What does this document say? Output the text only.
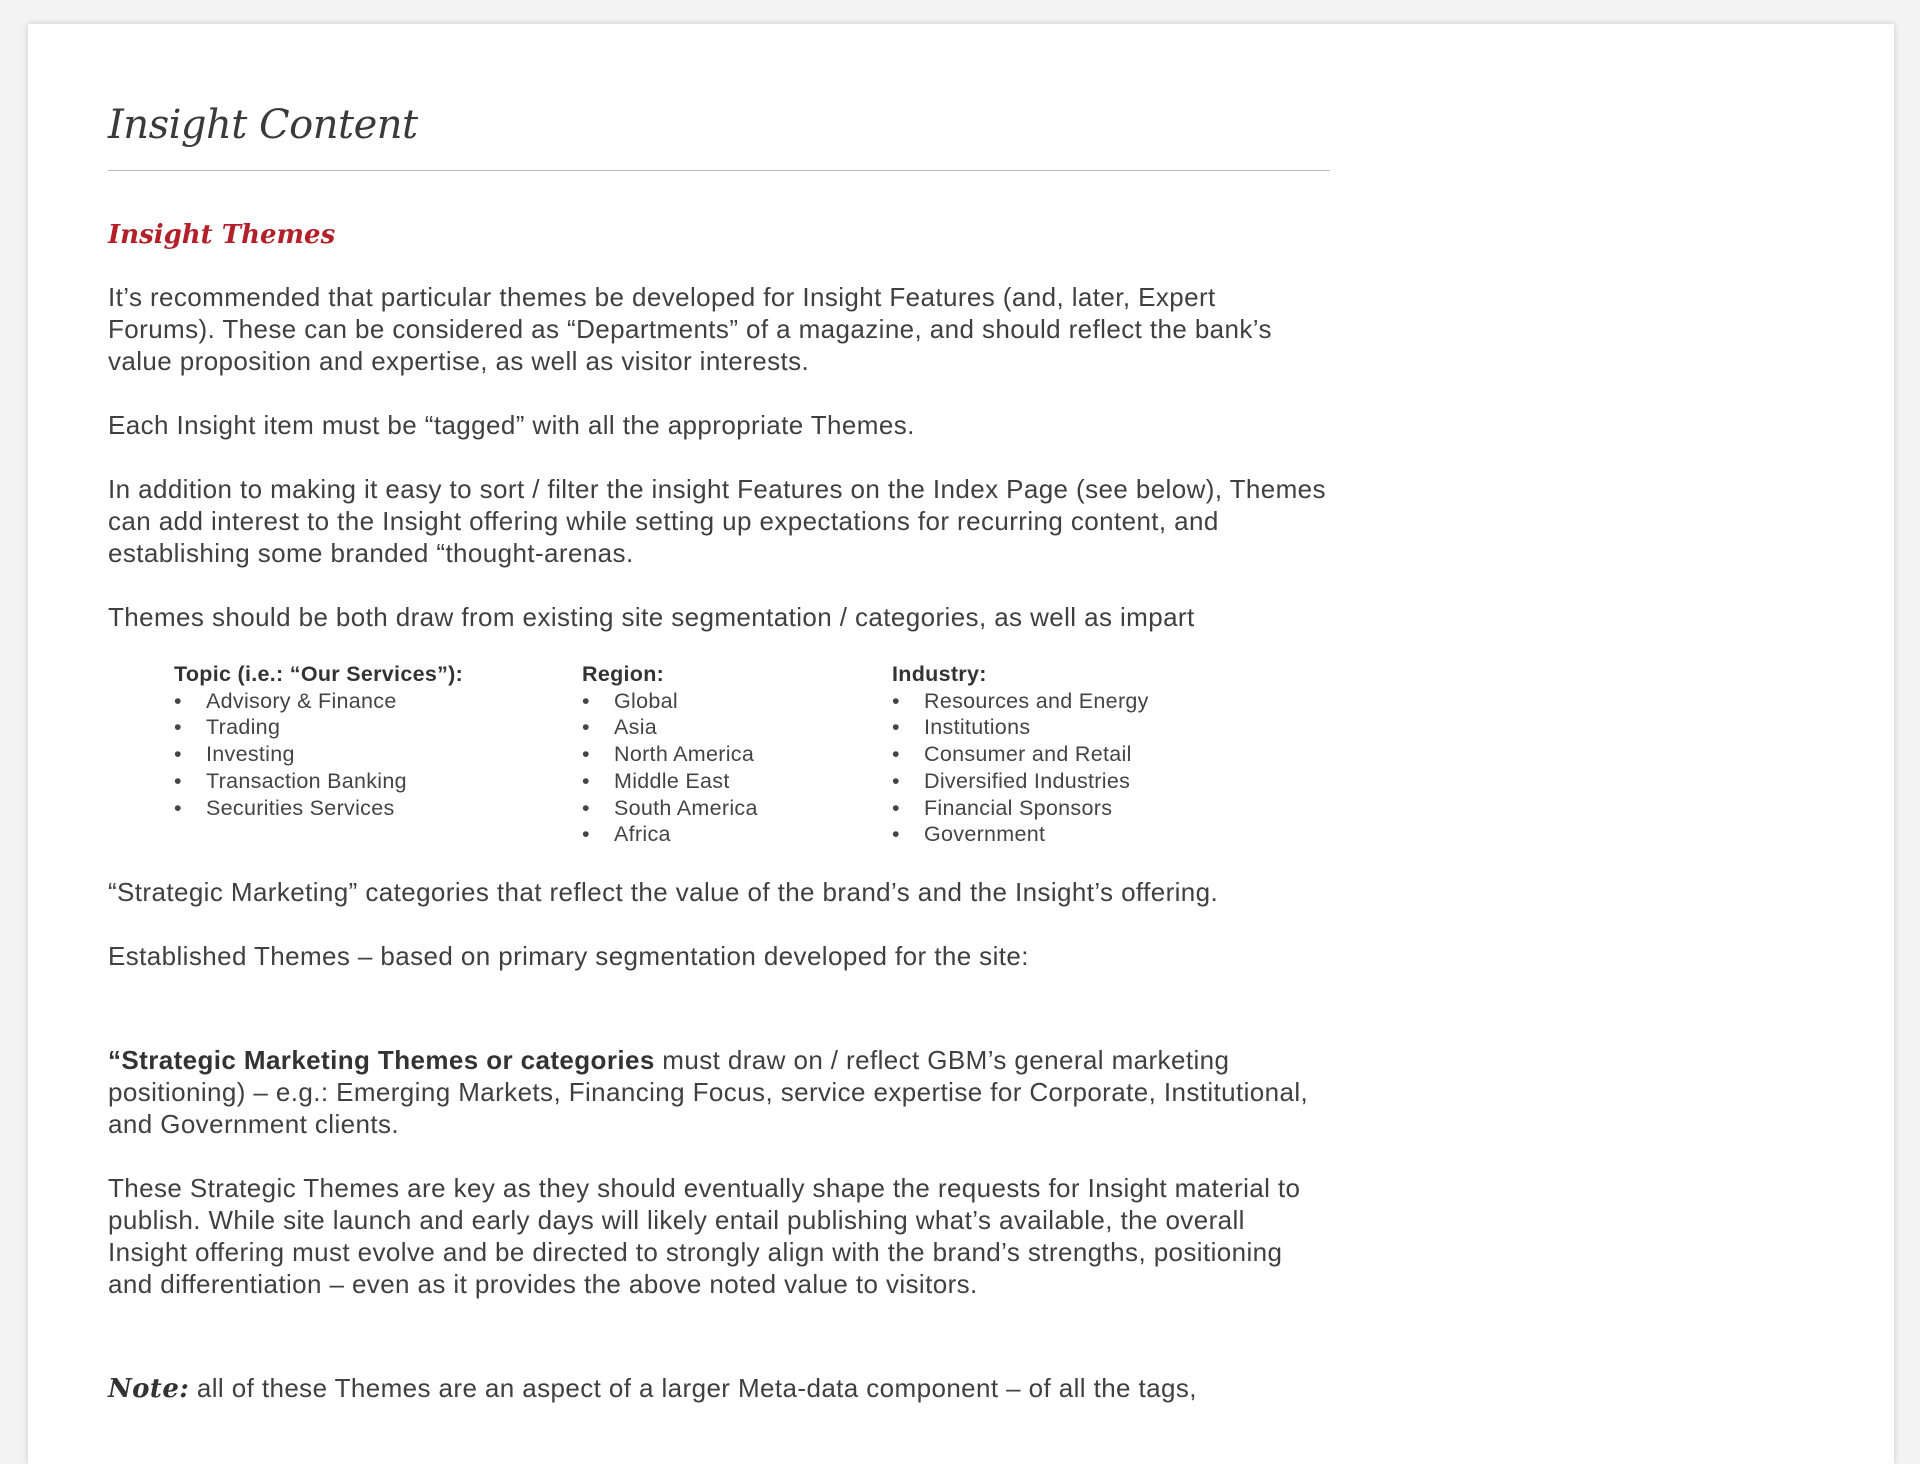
Insight Content
Insight Themes

It’s recommended that particular themes be developed for Insight Features (and, later, Expert Forums). These can be considered as “Departments” of a magazine, and should reflect the bank’s value proposition and expertise, as well as visitor interests.

Each Insight item must be “tagged” with all the appropriate Themes.

In addition to making it easy to sort / filter the insight Features on the Index Page (see below), Themes can add interest to the Insight offering while setting up expectations for recurring content, and establishing some branded “thought-arenas.

Themes should be both draw from existing site segmentation / categories, as well as impart

Topic (i.e.: “Our Services”):
• Advisory & Finance
• Trading
• Investing
• Transaction Banking
• Securities Services
Region:
• Global
• Asia
• North America
• Middle East
• South America
• Africa
Industry:
• Resources and Energy
• Institutions
• Consumer and Retail
• Diversified Industries
• Financial Sponsors
• Government

“Strategic Marketing” categories that reflect the value of the brand’s and the Insight’s offering.

Established Themes – based on primary segmentation developed for the site:

“Strategic Marketing Themes or categories must draw on / reflect GBM’s general marketing positioning) – e.g.: Emerging Markets, Financing Focus, service expertise for Corporate, Institutional, and Government clients.

These Strategic Themes are key as they should eventually shape the requests for Insight material to publish. While site launch and early days will likely entail publishing what’s available, the overall Insight offering must evolve and be directed to strongly align with the brand’s strengths, positioning and differentiation – even as it provides the above noted value to visitors.

Note: all of these Themes are an aspect of a larger Meta-data component – of all the tags,
